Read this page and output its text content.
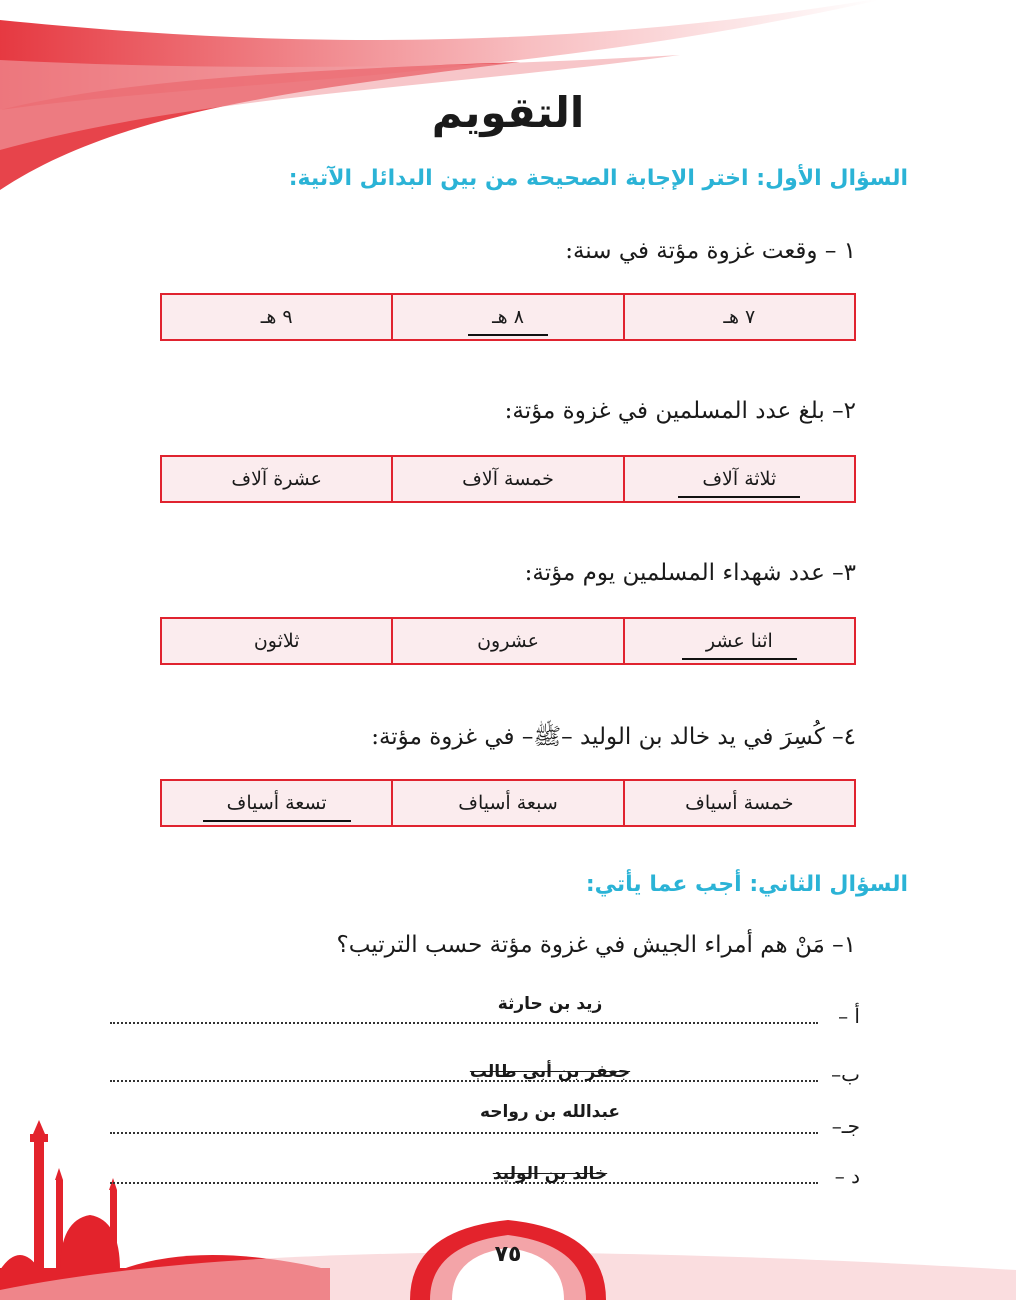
التقويم
السؤال الأول: اختر الإجابة الصحيحة من بين البدائل الآتية:
١ – وقعت غزوة مؤتة في سنة:
٧ هـ
٨ هـ
٩ هـ
٢– بلغ عدد المسلمين في غزوة مؤتة:
ثلاثة آلاف
خمسة آلاف
عشرة آلاف
٣– عدد شهداء المسلمين يوم مؤتة:
اثنا عشر
عشرون
ثلاثون
٤– كُسِرَ في يد خالد بن الوليد –ﷺ– في غزوة مؤتة:
خمسة أسياف
سبعة أسياف
تسعة أسياف
السؤال الثاني: أجب عما يأتي:
١– مَنْ هم أمراء الجيش في غزوة مؤتة حسب الترتيب؟
أ –
زيد بن حارثة
ب–
جعفر بن أبي طالب
جـ–
عبدالله بن رواحه
د –
خالد بن الوليد
٧٥
